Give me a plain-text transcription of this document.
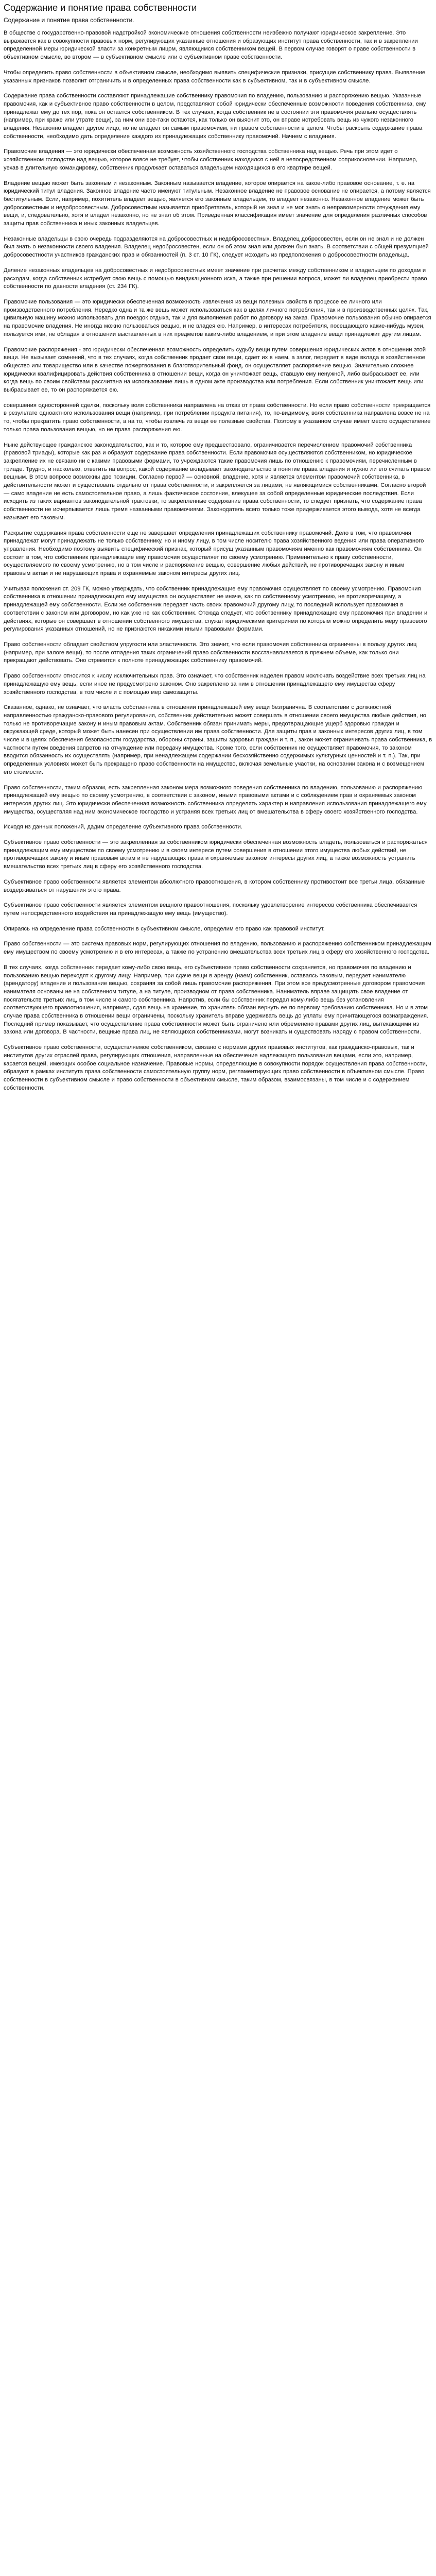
Содержание и понятие права собственности
Содержание и понятие права собственности.

В обществе с государственно-правовой надстройкой экономические отношения собственности неизбежно получают юридическое закрепление. Это выражается как в совокупности правовых норм, регулирующих указанные отношения и образующих институт права собственности, так и в закреплении определенной меры юридической власти за конкретным лицом, являющимся собственником вещей. В первом случае говорят о праве собственности в объективном смысле, во втором — в субъективном смысле или о субъективном праве собственности.

Чтобы определить право собственности в объективном смысле, необходимо выявить специфические признаки, присущие собственнику права. Выявление указанных признаков позволит отграничить и в определенных права собственности как в субъективном, так и в субъективном смысле.

Содержание права собственности составляют принадлежащие собственнику правомочия по владению, пользованию и распоряжению вещью. Указанные правомочия, как и субъективное право собственности в целом, представляют собой юридически обеспеченные возможности поведения собственника, ему принадлежат ему до тех пор, пока он остается собственником. В тех случаях, когда собственник не в состоянии эти правомочия реально осуществлять (например, при краже или утрате вещи), за ним они все-таки остаются, как только он выяснит это, он вправе истребовать вещь из чужого незаконного владения. Незаконно владеет другое лицо, но не владеет он самым правомочием, ни правом собственности в целом. Чтобы раскрыть содержание права собственности, необходимо дать определение каждого из принадлежащих собственнику правомочий. Начнем с владения.

Правомочие владения — это юридически обеспеченная возможность хозяйственного господства собственника над вещью. Речь при этом идет о хозяйственном господстве над вещью, которое вовсе не требует, чтобы собственник находился с ней в непосредственном соприкосновении. Например, уехав в длительную командировку, собственник продолжает оставаться владельцем находящихся в его квартире вещей.

Владение вещью может быть законным и незаконным. Законным называется владение, которое опирается на какое-либо правовое основание, т. е. на юридический титул владения. Законное владение часто именуют титульным. Незаконное владение не правовое основание не опирается, а потому является беститульным. Если, например, похититель владеет вещью, является его законным владельцем, то владеет незаконно. Незаконное владение может быть добросовестным и недобросовестным. Добросовестным называется приобретатель, который не знал и не мог знать о неправомерности отчуждения ему вещи, и, следовательно, хотя и владел незаконно, но не знал об этом. Приведенная классификация имеет значение для определения различных способов защиты прав собственника и иных законных владельцев.

Незаконные владельцы в свою очередь подразделяются на добросовестных и недобросовестных. Владелец добросовестен, если он не знал и не должен был знать о незаконности своего владения. Владелец недобросовестен, если он об этом знал или должен был знать. В соответствии с общей презумпцией добросовестности участников гражданских прав и обязанностей (п. 3 ст. 10 ГК), следует исходить из предположения о добросовестности владельца.

Деление незаконных владельцев на добросовестных и недобросовестных имеет значение при расчетах между собственником и владельцем по доходам и расходам, когда собственник истребует свою вещь с помощью виндикационного иска, а также при решении вопроса, может ли владелец приобрести право собственности по давности владения (ст. 234 ГК).

Правомочие пользования — это юридически обеспеченная возможность извлечения из вещи полезных свойств в процессе ее личного или производственного потребления. Нередко одна и та же вещь может использоваться как в целях личного потребления, так и в производственных целях. Так, цивильную машину можно использовать для поездок отдыха, так и для выполнения работ по договору на заказ. Правомочие пользования обычно опирается на правомочие владения. Не иногда можно пользоваться вещью, и не владея ею. Например, в интересах потребителя, посещающего какие-нибудь музеи, пользуется ими, не обладая в отношении выставленных в них предметов каким-либо владением, и при этом владение вещи принадлежит другим лицам.

Правомочие распоряжения - это юридически обеспеченная возможность определить судьбу вещи путем совершения юридических актов в отношении этой вещи. Не вызывает сомнений, что в тех случаях, когда собственник продает свои вещи, сдает их в наем, а залог, передает в виде вклада в хозяйственное общество или товарищество или в качестве пожертвования в благотворительный фонд, он осуществляет распоряжение вещью. Значительно сложнее юридически квалифицировать действия собственника в отношении вещи, когда он уничтожает вещь, ставшую ему ненужной, либо выбрасывает ее, или когда вещь по своим свойствам рассчитана на использование лишь в одном акте производства или потребления. Если собственник уничтожает вещь или выбрасывает ее, то он распоряжается ею.

совершения односторонней сделки, поскольку воля собственника направлена на отказ от права собственности. Но если право собственности прекращается в результате одноактного использования вещи (например, при потреблении продукта питания), то, по-видимому, воля собственника направлена вовсе не на то, чтобы прекратить право собственности, а на то, чтобы извлечь из вещи ее полезные свойства. Поэтому в указанном случае имеет место осуществление только права пользования вещью, но не права распоряжения ею.

Ныне действующее гражданское законодательство, как и то, которое ему предшествовало, ограничивается перечислением правомочий собственника (правовой триады), которые как раз и образуют содержание права собственности. Если правомочия осуществляются собственником, но юридическое закрепление их не связано ни с какими правовыми формами, то учреждаются такие правомочия лишь по отношению к правомочиям, перечисленным в триаде. Трудно, и насколько, ответить на вопрос, какой содержание вкладывает законодательство в понятие права владения и нужно ли его считать правом вещным. В этом вопросе возможны две позиции. Согласно первой — основной, владение, хотя и является элементом правомочий собственника, в действительности может и существовать отдельно от права собственности, и закрепляется за лицами, не являющимися собственниками. Согласно второй — само владение не есть самостоятельное право, а лишь фактическое состояние, влекущее за собой определенные юридические последствия. Если исходить из таких вариантов законодательной трактовки, то закрепленные содержание права собственности, то следует признать, что содержание права собственности не исчерпывается лишь тремя названными правомочиями. Законодатель всего только тоже придерживается этого вывода, хотя не всегда называет его таковым.

Раскрытие содержания права собственности еще не завершает определения принадлежащих собственнику правомочий. Дело в том, что правомочия принадлежат могут принадлежать не только собственнику, но и иному лицу, в том числе носителю права хозяйственного ведения или права оперативного управления. Необходимо поэтому выявить специфический признак, который присущ указанным правомочиям именно как правомочиям собственника. Он состоит в том, что собственник принадлежащие ему правомочия осуществляет по своему усмотрению. Применительно к праву собственности, осуществляемого по своему усмотрению, но в том числе и распоряжение вещью, совершение любых действий, не противоречащих закону и иным правовым актам и не нарушающих права и охраняемые законом интересы других лиц.

Учитывая положения ст. 209 ГК, можно утверждать, что собственник принадлежащие ему правомочия осуществляет по своему усмотрению. Правомочия собственника в отношении принадлежащего ему имущества он осуществляет не иначе, как по собственному усмотрению, не противоречащему, а принадлежащей ему собственности. Если же собственник передает часть своих правомочий другому лицу, то последний использует правомочия в соответствии с законом или договором, но как уже не как собственник. Отсюда следует, что собственнику принадлежащие ему правомочия при владении и действиях, которые он совершает в отношении собственного имущества, служат юридическими критериями по которым можно определить меру правового регулирования указанных отношений, но не признаются никакими иными правовыми формами.

Право собственности обладает свойством упругости или эластичности. Это значит, что если правомочия собственника ограничены в пользу других лиц (например, при залоге вещи), то после отпадения таких ограничений право собственности восстанавливается в прежнем объеме, как только они прекращают действовать. Оно стремится к полноте принадлежащих собственнику правомочий.

Право собственности относится к числу исключительных прав. Это означает, что собственник наделен правом исключать воздействие всех третьих лиц на принадлежащую ему вещь, если иное не предусмотрено законом. Оно закреплено за ним в отношении принадлежащего ему имущества сферу хозяйственного господства, в том числе и с помощью мер самозащиты.

Сказанное, однако, не означает, что власть собственника в отношении принадлежащей ему вещи безгранична. В соответствии с должностной направленностью гражданско-правового регулирования, собственник действительно может совершать в отношении своего имущества любые действия, но только не противоречащие закону и иным правовым актам. Собственник обязан принимать меры, предотвращающие ущерб здоровью граждан и окружающей среде, который может быть нанесен при осуществлении им права собственности. Для защиты прав и законных интересов других лиц, в том числе и в целях обеспечения безопасности государства, обороны страны, защиты здоровья граждан и т. п., закон может ограничивать права собственника, в частности путем введения запретов на отчуждение или передачу имущества. Кроме того, если собственник не осуществляет правомочия, то законом вводится обязанность их осуществлять (например, при ненадлежащем содержании бесхозяйственно содержимых культурных ценностей и т. п.). Так, при определенных условиях может быть прекращено право собственности на имущество, включая земельные участки, на основании закона и с возмещением его стоимости.

Право собственности, таким образом, есть закрепленная законом мера возможного поведения собственника по владению, пользованию и распоряжению принадлежащей ему вещью по своему усмотрению, в соответствии с законом, иными правовыми актами и с соблюдением прав и охраняемых законом интересов других лиц. Это юридически обеспеченная возможность собственника определять характер и направления использования принадлежащего ему имущества, осуществляя над ним экономическое господство и устраняя всех третьих лиц от вмешательства в сферу своего хозяйственного господства.

Исходя из данных положений, дадим определение субъективного права собственности.

Субъективное право собственности — это закрепленная за собственником юридически обеспеченная возможность владеть, пользоваться и распоряжаться принадлежащим ему имуществом по своему усмотрению и в своем интересе путем совершения в отношении этого имущества любых действий, не противоречащих закону и иным правовым актам и не нарушающих права и охраняемые законом интересы других лиц, а также возможность устранить вмешательство всех третьих лиц в сферу его хозяйственного господства.

Субъективное право собственности является элементом абсолютного правоотношения, в котором собственнику противостоит все третьи лица, обязанные воздерживаться от нарушения этого права.

Субъективное право собственности является элементом вещного правоотношения, поскольку удовлетворение интересов собственника обеспечивается путем непосредственного воздействия на принадлежащую ему вещь (имущество).

Опираясь на определение права собственности в субъективном смысле, определим его право как правовой институт.

Право собственности — это система правовых норм, регулирующих отношения по владению, пользованию и распоряжению собственником принадлежащим ему имуществом по своему усмотрению и в его интересах, а также по устранению вмешательства всех третьих лиц в сферу его хозяйственного господства.

В тех случаях, когда собственник передает кому-либо свою вещь, его субъективное право собственности сохраняется, но правомочия по владению и пользованию вещью переходят к другому лицу. Например, при сдаче вещи в аренду (наем) собственник, оставаясь таковым, передает нанимателю (арендатору) владение и пользование вещью, сохраняя за собой лишь правомочие распоряжения. При этом все предусмотренные договором правомочия нанимателя основаны не на собственном титуле, а на титуле, производном от права собственника. Наниматель вправе защищать свое владение от посягательств третьих лиц, в том числе и самого собственника. Напротив, если бы собственник передал кому-либо вещь без установления соответствующего правоотношения, например, сдал вещь на хранение, то хранитель обязан вернуть ее по первому требованию собственника. Но и в этом случае права собственника в отношении вещи ограничены, поскольку хранитель вправе удерживать вещь до уплаты ему причитающегося вознаграждения. Последний пример показывает, что осуществление права собственности может быть ограничено или обременено правами других лиц, вытекающими из закона или договора. В частности, вещные права лиц, не являющихся собственниками, могут возникать и существовать наряду с правом собственности.

Субъективное право собственности, осуществляемое собственником, связано с нормами других правовых институтов, как гражданско-правовых, так и институтов других отраслей права, регулирующих отношения, направленные на обеспечение надлежащего пользования вещами, если это, например, касается вещей, имеющих особое социальное назначение. Правовые нормы, определяющие в совокупности порядок осуществления права собственности, образуют в рамках института права собственности самостоятельную группу норм, регламентирующих право собственности в объективном смысле. Право собственности в субъективном смысле и право собственности в объективном смысле, таким образом, взаимосвязаны, в том числе и с содержанием собственности.
